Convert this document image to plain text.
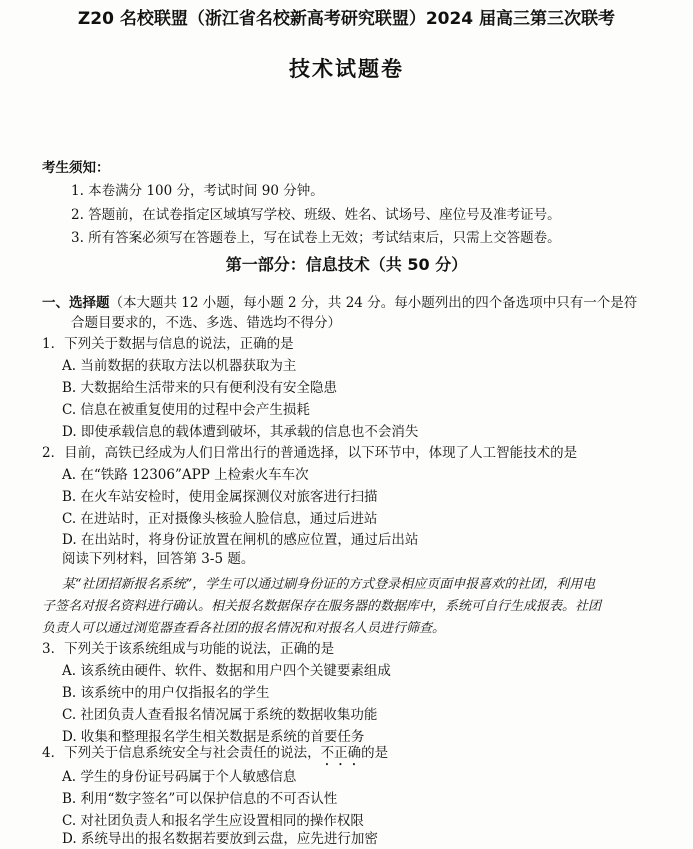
Z20 名校联盟（浙江省名校新高考研究联盟）2024 届高三第三次联考
技术试题卷
考生须知：
1. 本卷满分 100 分，考试时间 90 分钟。
2. 答题前，在试卷指定区域填写学校、班级、姓名、试场号、座位号及准考证号。
3. 所有答案必须写在答题卷上，写在试卷上无效；考试结束后，只需上交答题卷。
第一部分：信息技术（共 50 分）
一、选择题（本大题共 12 小题，每小题 2 分，共 24 分。每小题列出的四个备选项中只有一个是符
合题目要求的，不选、多选、错选均不得分）
1．下列关于数据与信息的说法，正确的是
A. 当前数据的获取方法以机器获取为主
B. 大数据给生活带来的只有便利没有安全隐患
C. 信息在被重复使用的过程中会产生损耗
D. 即使承载信息的载体遭到破坏，其承载的信息也不会消失
2．目前，高铁已经成为人们日常出行的普通选择，以下环节中，体现了人工智能技术的是
A. 在“铁路 12306”APP 上检索火车车次
B. 在火车站安检时，使用金属探测仪对旅客进行扫描
C. 在进站时，正对摄像头核验人脸信息，通过后进站
D. 在出站时，将身份证放置在闸机的感应位置，通过后出站
阅读下列材料，回答第 3-5 题。
某“社团招新报名系统”，学生可以通过刷身份证的方式登录相应页面申报喜欢的社团，利用电
子签名对报名资料进行确认。相关报名数据保存在服务器的数据库中，系统可自行生成报表。社团
负责人可以通过浏览器查看各社团的报名情况和对报名人员进行筛查。
3．下列关于该系统组成与功能的说法，正确的是
A. 该系统由硬件、软件、数据和用户四个关键要素组成
B. 该系统中的用户仅指报名的学生
C. 社团负责人查看报名情况属于系统的数据收集功能
D. 收集和整理报名学生相关数据是系统的首要任务
4．下列关于信息系统安全与社会责任的说法，不正确的是
A. 学生的身份证号码属于个人敏感信息
B. 利用“数字签名”可以保护信息的不可否认性
C. 对社团负责人和报名学生应设置相同的操作权限
D. 系统导出的报名数据若要放到云盘，应先进行加密
